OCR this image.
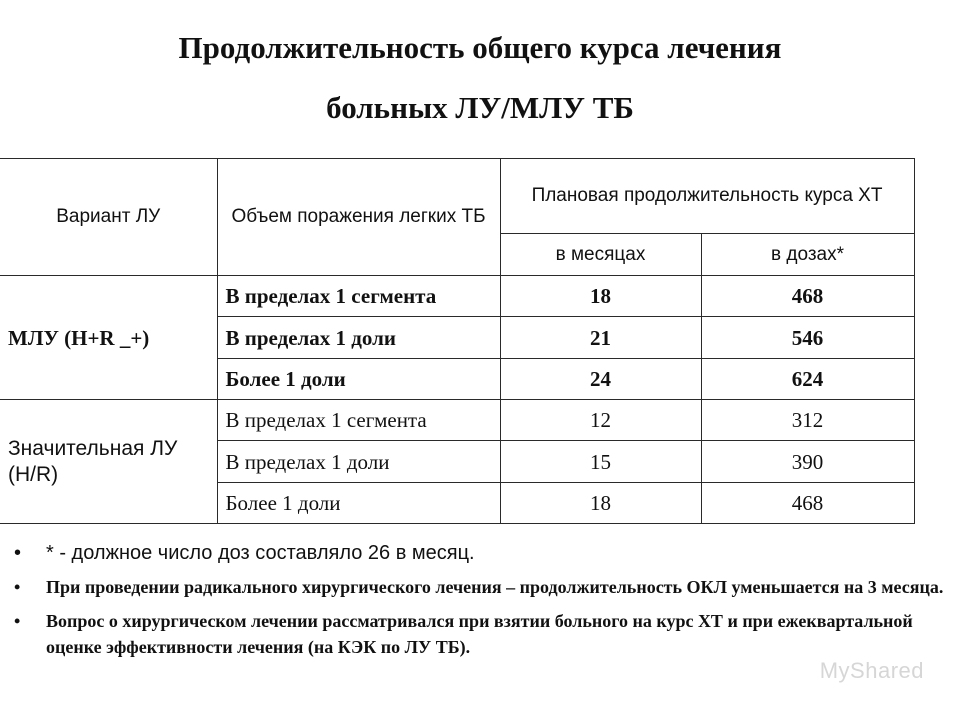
Продолжительность общего курса лечения
больных ЛУ/МЛУ ТБ
Вариант ЛУ	Объем поражения легких ТБ	Плановая продолжительность курса ХТ	
		в месяцах	в дозах*
МЛУ (H+R _+)	В пределах 1 сегмента	18	468
	В пределах 1 доли	21	546
	Более 1 доли	24	624
Значительная ЛУ (H/R)	В пределах 1 сегмента	12	312
	В пределах 1 доли	15	390
	Более 1 доли	18	468
• * - должное число доз составляло 26 в месяц.
• При проведении радикального хирургического лечения – продолжительность ОКЛ уменьшается на 3 месяца.
• Вопрос о хирургическом лечении рассматривался при взятии больного на курс ХТ и при ежеквартальной оценке эффективности лечения (на КЭК по ЛУ ТБ).
MyShared
